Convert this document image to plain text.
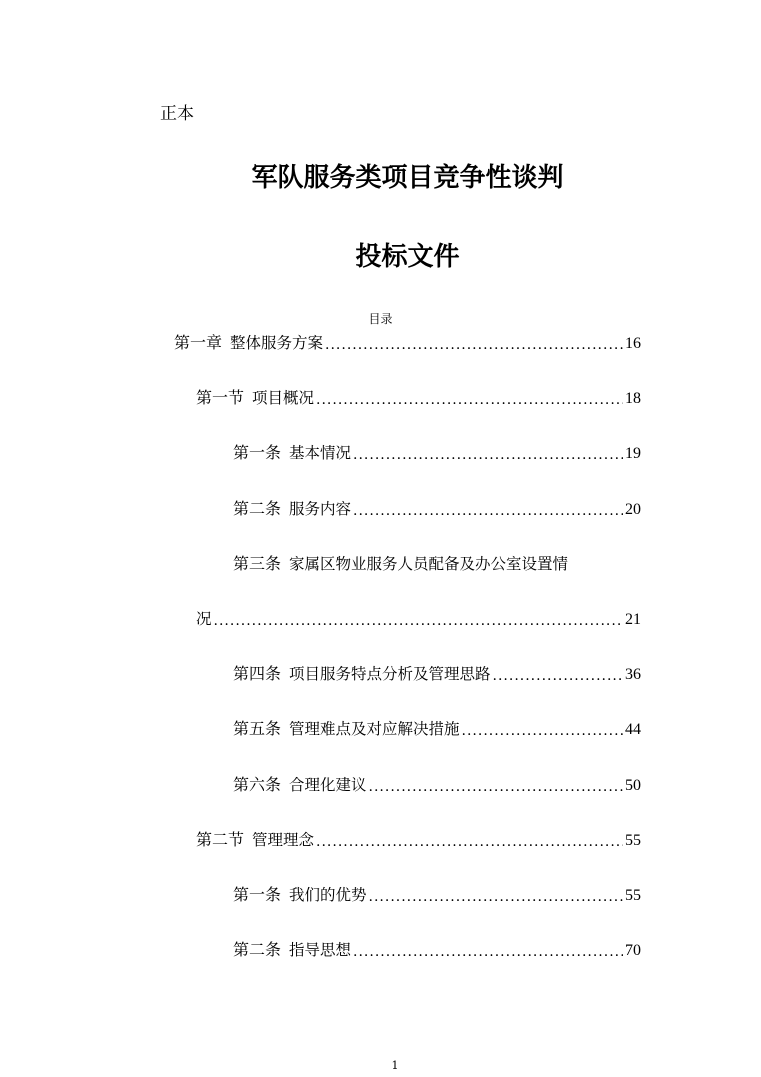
正本
军队服务类项目竞争性谈判
投标文件
目录
第一章 整体服务方案 .....	16
第一节 项目概况 .....	18
第一条 基本情况 .....	19
第二条 服务内容 .....	20
第三条 家属区物业服务人员配备及办公室设置情
况 .....	21
第四条 项目服务特点分析及管理思路 .....	36
第五条 管理难点及对应解决措施 .....	44
第六条 合理化建议 .....	50
第二节 管理理念 .....	55
第一条 我们的优势 .....	55
第二条 指导思想 .....	70
1
